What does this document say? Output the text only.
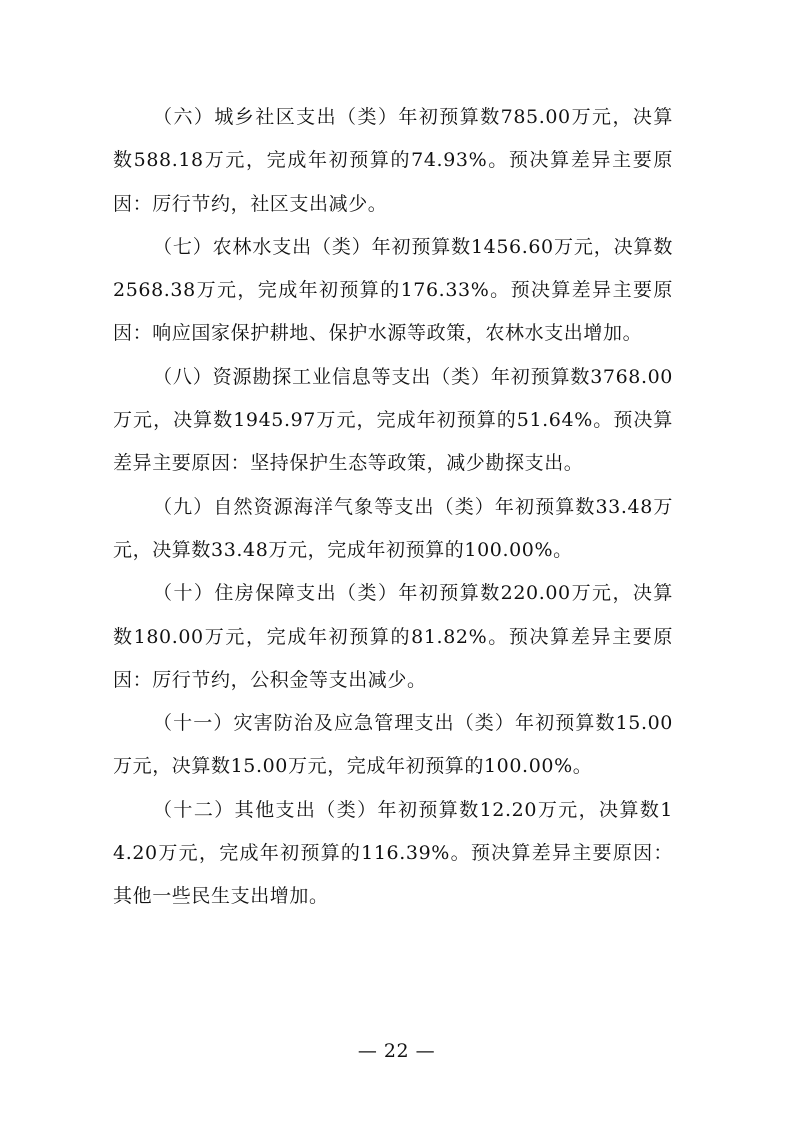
（六）城乡社区支出（类）年初预算数785.00万元，决算数588.18万元，完成年初预算的74.93%。预决算差异主要原因：厉行节约，社区支出减少。

（七）农林水支出（类）年初预算数1456.60万元，决算数2568.38万元，完成年初预算的176.33%。预决算差异主要原因：响应国家保护耕地、保护水源等政策，农林水支出增加。

（八）资源勘探工业信息等支出（类）年初预算数3768.00万元，决算数1945.97万元，完成年初预算的51.64%。预决算差异主要原因：坚持保护生态等政策，减少勘探支出。

（九）自然资源海洋气象等支出（类）年初预算数33.48万元，决算数33.48万元，完成年初预算的100.00%。

（十）住房保障支出（类）年初预算数220.00万元，决算数180.00万元，完成年初预算的81.82%。预决算差异主要原因：厉行节约，公积金等支出减少。

（十一）灾害防治及应急管理支出（类）年初预算数15.00万元，决算数15.00万元，完成年初预算的100.00%。

（十二）其他支出（类）年初预算数12.20万元，决算数14.20万元，完成年初预算的116.39%。预决算差异主要原因：其他一些民生支出增加。

— 22 —
